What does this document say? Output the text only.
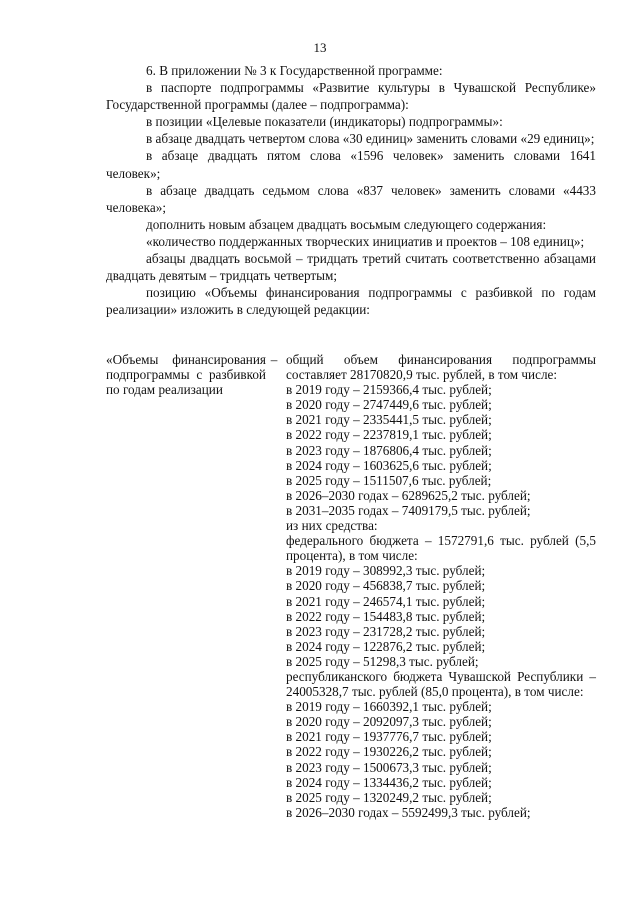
13

6. В приложении № 3 к Государственной программе:

в паспорте подпрограммы «Развитие культуры в Чувашской Республике» Государственной программы (далее – подпрограмма):

в позиции «Целевые показатели (индикаторы) подпрограммы»:

в абзаце двадцать четвертом слова «30 единиц» заменить словами «29 единиц»;

в абзаце двадцать пятом слова «1596 человек» заменить словами 1641 человек»;

в абзаце двадцать седьмом слова «837 человек» заменить словами «4433 человека»;

дополнить новым абзацем двадцать восьмым следующего содержания:

«количество поддержанных творческих инициатив и проектов – 108 единиц»;

абзацы двадцать восьмой – тридцать третий считать соответственно абзацами двадцать девятым – тридцать четвертым;

позицию «Объемы финансирования подпрограммы с разбивкой по годам реализации» изложить в следующей редакции:

«Объемы финансирования подпрограммы с разбивкой по годам реализации
– общий объем финансирования подпрограммы составляет 28170820,9 тыс. рублей, в том числе:

в 2019 году – 2159366,4 тыс. рублей;

в 2020 году – 2747449,6 тыс. рублей;

в 2021 году – 2335441,5 тыс. рублей;

в 2022 году – 2237819,1 тыс. рублей;

в 2023 году – 1876806,4 тыс. рублей;

в 2024 году – 1603625,6 тыс. рублей;

в 2025 году – 1511507,6 тыс. рублей;

в 2026–2030 годах – 6289625,2 тыс. рублей;

в 2031–2035 годах – 7409179,5 тыс. рублей;

из них средства:

федерального бюджета – 1572791,6 тыс. рублей (5,5 процента), в том числе:

в 2019 году – 308992,3 тыс. рублей;

в 2020 году – 456838,7 тыс. рублей;

в 2021 году – 246574,1 тыс. рублей;

в 2022 году – 154483,8 тыс. рублей;

в 2023 году – 231728,2 тыс. рублей;

в 2024 году – 122876,2 тыс. рублей;

в 2025 году – 51298,3 тыс. рублей;

республиканского бюджета Чувашской Республики – 24005328,7 тыс. рублей (85,0 процента), в том числе:

в 2019 году – 1660392,1 тыс. рублей;

в 2020 году – 2092097,3 тыс. рублей;

в 2021 году – 1937776,7 тыс. рублей;

в 2022 году – 1930226,2 тыс. рублей;

в 2023 году – 1500673,3 тыс. рублей;

в 2024 году – 1334436,2 тыс. рублей;

в 2025 году – 1320249,2 тыс. рублей;

в 2026–2030 годах – 5592499,3 тыс. рублей;
